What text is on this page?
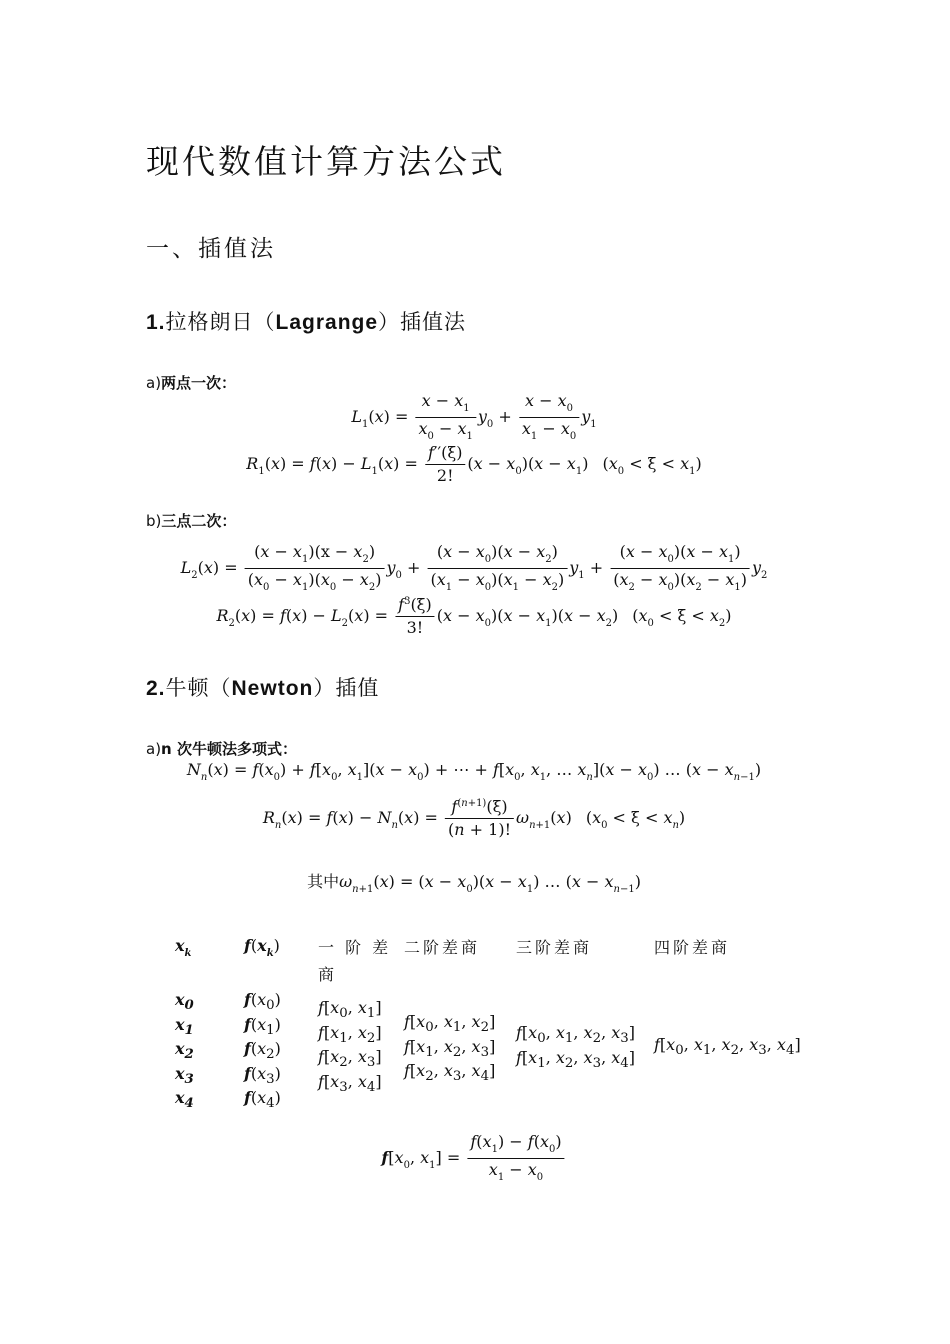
现代数值计算方法公式
一、插值法
1.拉格朗日（Lagrange）插值法
a)两点一次：
$L_1(x) = \frac{x - x_1}{x_0 - x_1} y_0 + \frac{x - x_0}{x_1 - x_0} y_1$
$R_1(x) = f(x) - L_1(x) = \frac{f''(\xi)}{2!} (x - x_0)(x - x_1) (x_0 < \xi < x_1)$
b)三点二次：
$L_2(x) = \frac{(x - x_1)(x - x_2)}{(x_0 - x_1)(x_0 - x_2)} y_0 + \frac{(x - x_0)(x - x_2)}{(x_1 - x_0)(x_1 - x_2)} y_1 + \frac{(x - x_0)(x - x_1)}{(x_2 - x_0)(x_2 - x_1)} y_2$
$R_2(x) = f(x) - L_2(x) = \frac{f^3(\xi)}{3!} (x - x_0)(x - x_1)(x - x_2) (x_0 < \xi < x_2)$
2.牛顿（Newton）插值
a)n 次牛顿法多项式：
$N_n(x) = f(x_0) + f[x_0$, $x_1](x - x_0)$ + ⋯ + $f[x_0$, $x_1$, … $x_n](x - x_0)$ … $(x - x_{n-1})$
$R_n(x) = f(x) - N_n(x) = \frac{f^{(n+1)}(\xi)}{(n + 1)!} \omega_{n+1}(x) (x_0 < \xi < x_n)$
其中$\omega_{n+1}(x) = (x - x_0)(x - x_1)$ … $(x - x_{n-1})$
$x_k$	$f(x_k)$ 一 阶 差
商
二阶差商 三阶差商	四阶差商
$x_0$
$x_1$
$x_2$
$x_3$
$x_4$
$f(x_0)$
$f(x_1)$
$f(x_2)$
$f(x_3)$
$f(x_4)$
$f[x_0$, $x_1$]
$f[x_1$, $x_2$]
$f[x_2$, $x_3$]
$f[x_3$, $x_4$]
$f[x_0$, $x_1$, $x_2$]
$f[x_1$, $x_2$, $x_3$]
$f[x_2$, $x_3$, $x_4$]
$f[x_0$, $x_1$, $x_2$, $x_3$]
$f[x_1$, $x_2$, $x_3$, $x_4$]
$f[x_0$, $x_1$, $x_2$, $x_3$, $x_4$]
$f[x_0$, $x_1] = \frac{f(x_1) - f(x_0)}{x_1 - x_0}$
